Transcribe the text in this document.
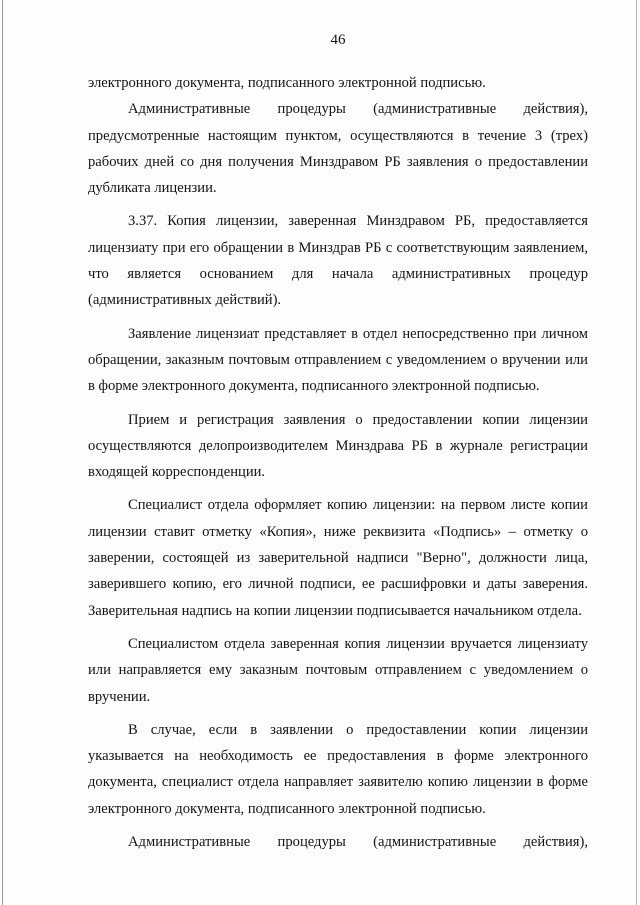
46

электронного документа, подписанного электронной подписью.

Административные процедуры (административные действия), предусмотренные настоящим пунктом, осуществляются в течение 3 (трех) рабочих дней со дня получения Минздравом РБ заявления о предоставлении дубликата лицензии.

3.37. Копия лицензии, заверенная Минздравом РБ, предоставляется лицензиату при его обращении в Минздрав РБ с соответствующим заявлением, что является основанием для начала административных процедур (административных действий).

Заявление лицензиат представляет в отдел непосредственно при личном обращении, заказным почтовым отправлением с уведомлением о вручении или в форме электронного документа, подписанного электронной подписью.

Прием и регистрация заявления о предоставлении копии лицензии осуществляются делопроизводителем Минздрава РБ в журнале регистрации входящей корреспонденции.

Специалист отдела оформляет копию лицензии: на первом листе копии лицензии ставит отметку «Копия», ниже реквизита «Подпись» – отметку о заверении, состоящей из заверительной надписи "Верно", должности лица, заверившего копию, его личной подписи, ее расшифровки и даты заверения. Заверительная надпись на копии лицензии подписывается начальником отдела.

Специалистом отдела заверенная копия лицензии вручается лицензиату или направляется ему заказным почтовым отправлением с уведомлением о вручении.

В случае, если в заявлении о предоставлении копии лицензии указывается на необходимость ее предоставления в форме электронного документа, специалист отдела направляет заявителю копию лицензии в форме электронного документа, подписанного электронной подписью.

Административные процедуры (административные действия),
